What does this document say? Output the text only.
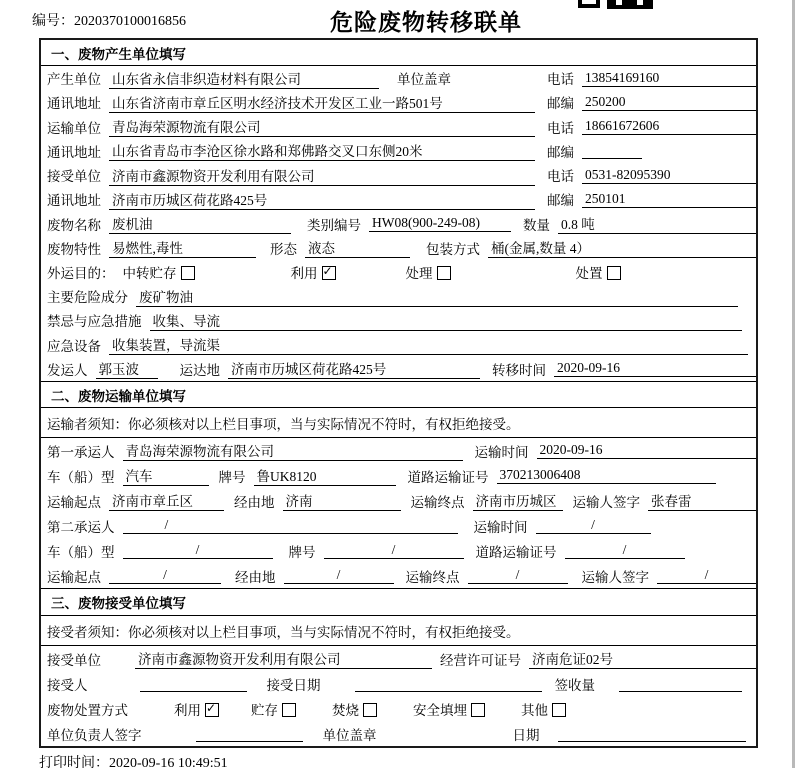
编号：2020370100016856	危险废物转移联单
一、废物产生单位填写
产生单位 山东省永信非织造材料有限公司	单位盖章	电话 13854169160
通讯地址 山东省济南市章丘区明水经济技术开发区工业一路501号	邮编 250200
运输单位 青岛海荣源物流有限公司	电话 18661672606
通讯地址 山东省青岛市李沧区徐水路和郑佛路交叉口东侧20米	邮编
接受单位 济南市鑫源物资开发利用有限公司	电话 0531-82095390
通讯地址 济南市历城区荷花路425号	邮编 250101
废物名称 废机油	类别编号 HW08(900-249-08)	数量 0.8 吨
废物特性 易燃性,毒性	形态 液态	包装方式 桶(金属,数量 4）
外运目的： 中转贮存	利用 ✓	处理	处置
主要危险成分 废矿物油
禁忌与应急措施 收集、导流
应急设备 收集装置，导流渠
发运人 郭玉波	运达地 济南市历城区荷花路425号	转移时间 2020-09-16
二、废物运输单位填写
运输者须知：你必须核对以上栏目事项，当与实际情况不符时，有权拒绝接受。
第一承运人 青岛海荣源物流有限公司	运输时间 2020-09-16
车（船）型 汽车	牌号 鲁UK8120	道路运输证号 370213006408
运输起点 济南市章丘区	经由地 济南	运输终点 济南市历城区	运输人签字 张春雷
第二承运人	/	运输时间	/
车（船）型	/	牌号	/	道路运输证号	/
运输起点	/	经由地	/	运输终点	/	运输人签字	/
三、废物接受单位填写
接受者须知：你必须核对以上栏目事项，当与实际情况不符时，有权拒绝接受。
接受单位	济南市鑫源物资开发利用有限公司	经营许可证号 济南危证02号
接受人	接受日期	签收量
废物处置方式	利用 ✓	贮存	焚烧	安全填埋	其他
单位负责人签字	单位盖章	日期
打印时间：2020-09-16 10:49:51
